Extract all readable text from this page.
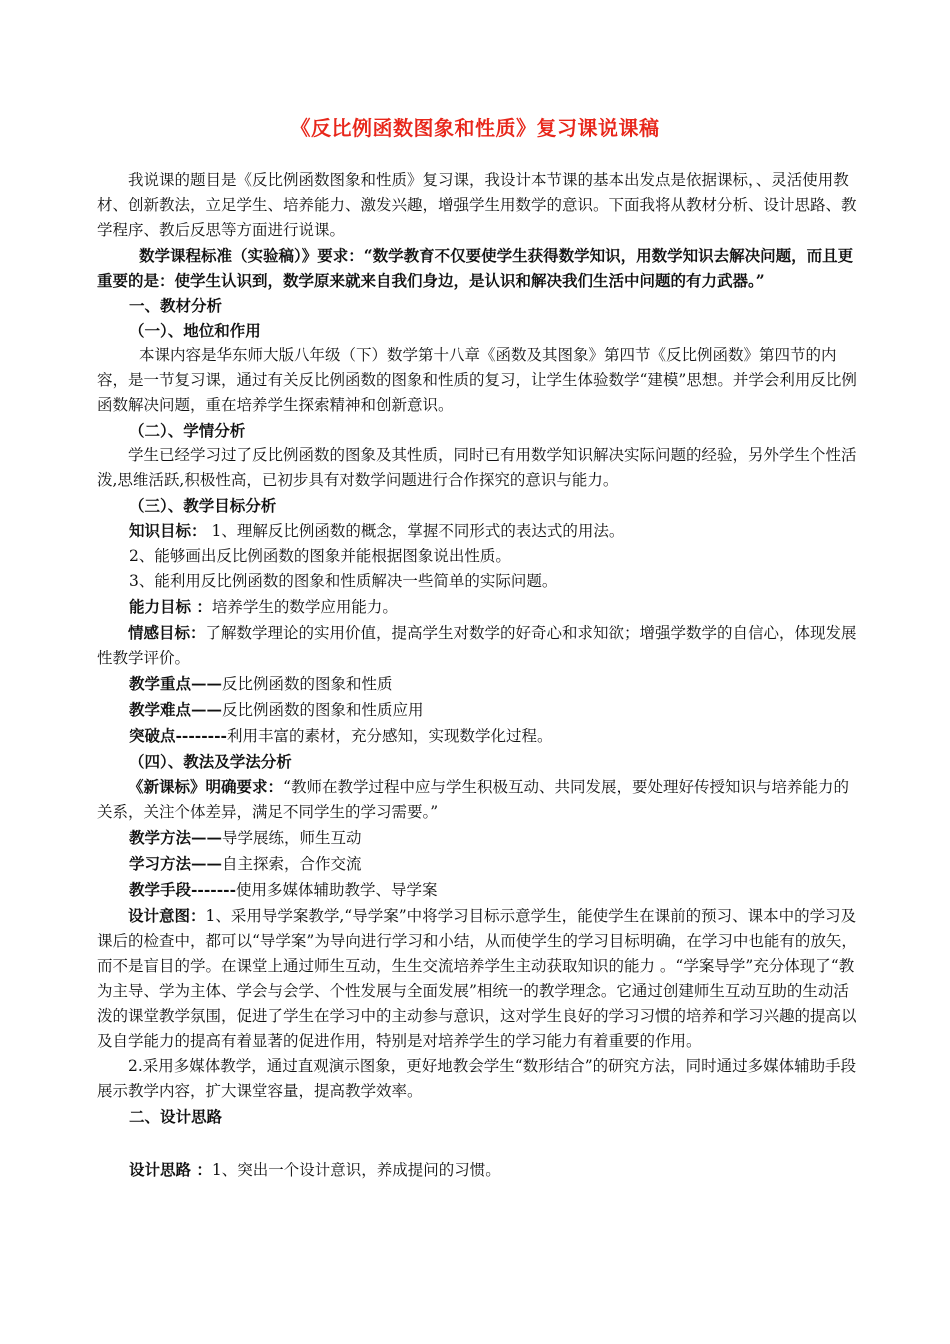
《反比例函数图象和性质》复习课说课稿

我说课的题目是《反比例函数图象和性质》复习课，我设计本节课的基本出发点是依据课标，、灵活使用教材、创新教法，立足学生、培养能力、激发兴趣，增强学生用数学的意识。下面我将从教材分析、设计思路、教学程序、教后反思等方面进行说课。

数学课程标准（实验稿）》要求：“数学教育不仅要使学生获得数学知识，用数学知识去解决问题，而且更重要的是：使学生认识到，数学原来就来自我们身边，是认识和解决我们生活中问题的有力武器。”

一、教材分析

（一）、地位和作用

本课内容是华东师大版八年级（下）数学第十八章《函数及其图象》第四节《反比例函数》第四节的内容，是一节复习课，通过有关反比例函数的图象和性质的复习，让学生体验数学“建模”思想。并学会利用反比例函数解决问题，重在培养学生探索精神和创新意识。

（二）、学情分析

学生已经学习过了反比例函数的图象及其性质，同时已有用数学知识解决实际问题的经验，另外学生个性活泼,思维活跃,积极性高，已初步具有对数学问题进行合作探究的意识与能力。

（三）、教学目标分析

知识目标： 1、理解反比例函数的概念，掌握不同形式的表达式的用法。

2、能够画出反比例函数的图象并能根据图象说出性质。

3、能利用反比例函数的图象和性质解决一些简单的实际问题。

能力目标 ：培养学生的数学应用能力。

情感目标：了解数学理论的实用价值，提高学生对数学的好奇心和求知欲；增强学数学的自信心，体现发展性教学评价。

教学重点——反比例函数的图象和性质

教学难点——反比例函数的图象和性质应用

突破点--------利用丰富的素材，充分感知，实现数学化过程。

（四）、教法及学法分析

《新课标》明确要求：“教师在教学过程中应与学生积极互动、共同发展，要处理好传授知识与培养能力的关系，关注个体差异，满足不同学生的学习需要。”

教学方法——导学展练，师生互动

学习方法——自主探索，合作交流

教学手段-------使用多媒体辅助教学、导学案

设计意图：1、采用导学案教学,“导学案”中将学习目标示意学生，能使学生在课前的预习、课本中的学习及课后的检查中，都可以“导学案”为导向进行学习和小结，从而使学生的学习目标明确，在学习中也能有的放矢，而不是盲目的学。在课堂上通过师生互动，生生交流培养学生主动获取知识的能力 。“学案导学”充分体现了“教为主导、学为主体、学会与会学、个性发展与全面发展”相统一的教学理念。它通过创建师生互动互助的生动活泼的课堂教学氛围，促进了学生在学习中的主动参与意识，这对学生良好的学习习惯的培养和学习兴趣的提高以及自学能力的提高有着显著的促进作用，特别是对培养学生的学习能力有着重要的作用。

2.采用多媒体教学，通过直观演示图象，更好地教会学生“数形结合”的研究方法，同时通过多媒体辅助手段展示教学内容，扩大课堂容量，提高教学效率。

二、设计思路

设计思路 ：1、突出一个设计意识，养成提问的习惯。
